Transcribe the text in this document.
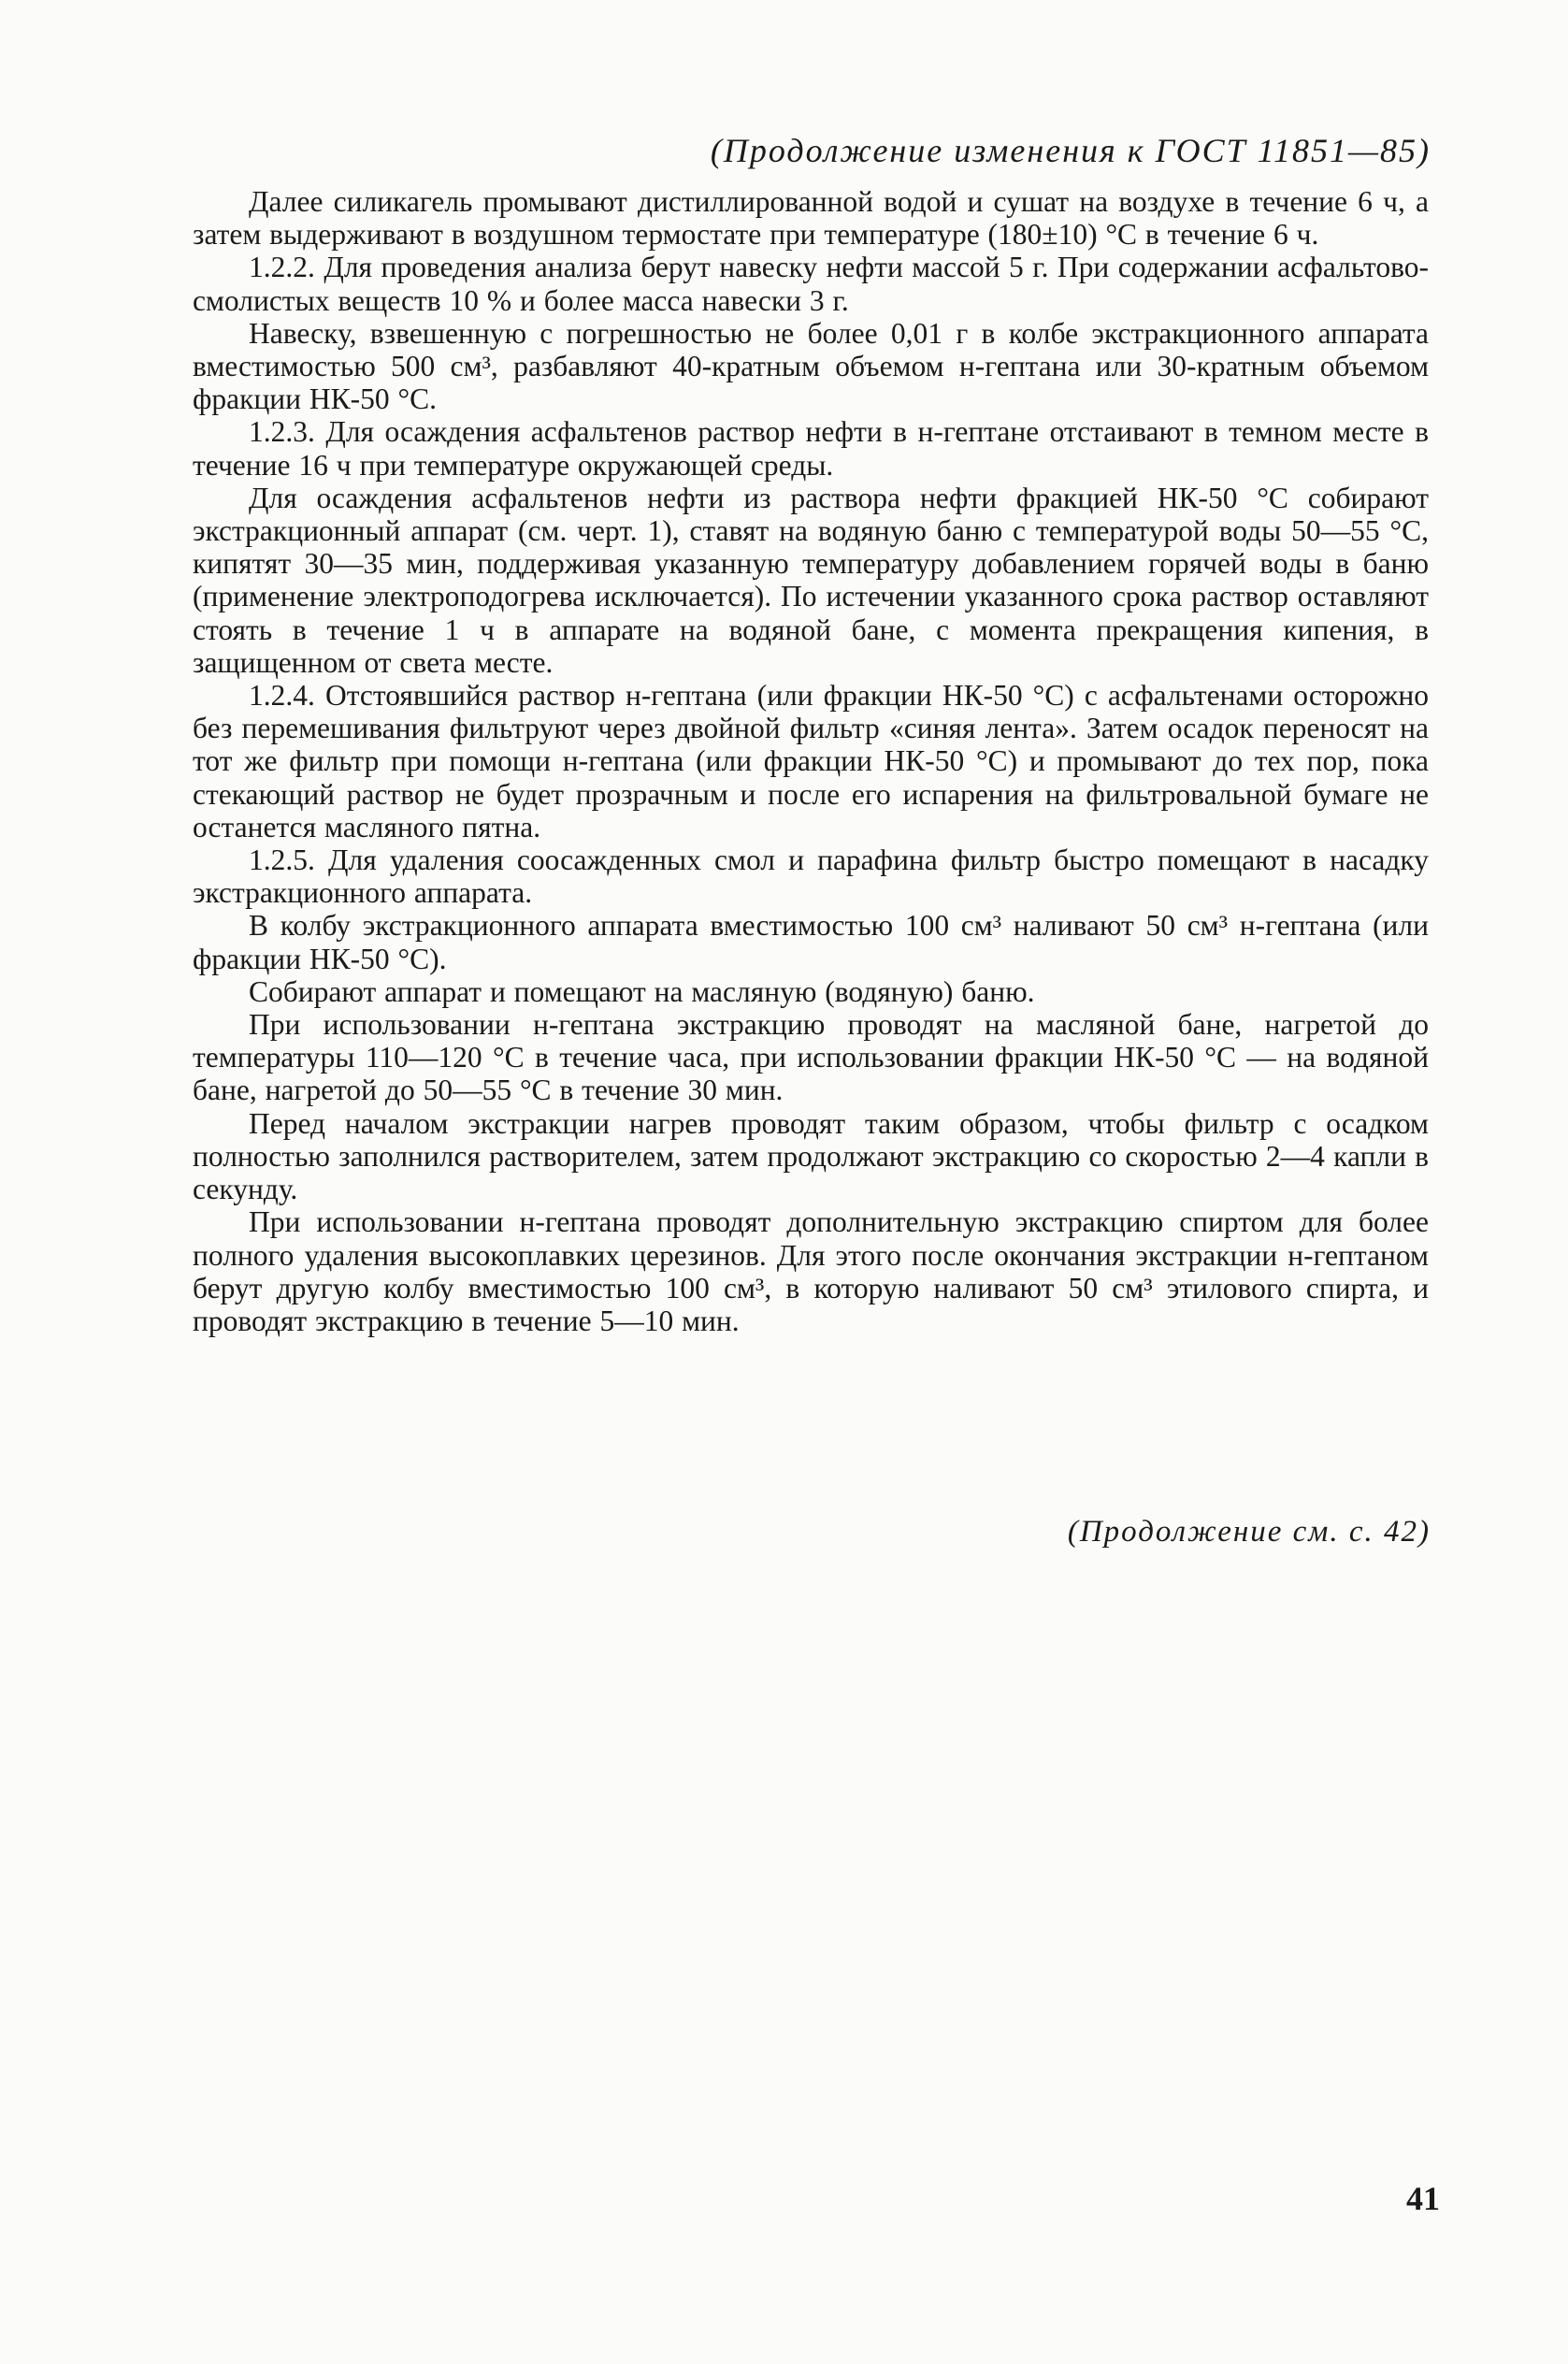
(Продолжение изменения к ГОСТ 11851—85)

Далее силикагель промывают дистиллированной водой и сушат на воздухе в течение 6 ч, а затем выдерживают в воздушном термостате при температуре (180±10) °С в течение 6 ч.

1.2.2. Для проведения анализа берут навеску нефти массой 5 г. При содержании асфальтово-смолистых веществ 10 % и более масса навески 3 г.

Навеску, взвешенную с погрешностью не более 0,01 г в колбе экстракционного аппарата вместимостью 500 см³, разбавляют 40-кратным объемом н-гептана или 30-кратным объемом фракции НК-50 °С.

1.2.3. Для осаждения асфальтенов раствор нефти в н-гептане отстаивают в темном месте в течение 16 ч при температуре окружающей среды.

Для осаждения асфальтенов нефти из раствора нефти фракцией НК-50 °С собирают экстракционный аппарат (см. черт. 1), ставят на водяную баню с температурой воды 50—55 °С, кипятят 30—35 мин, поддерживая указанную температуру добавлением горячей воды в баню (применение электроподогрева исключается). По истечении указанного срока раствор оставляют стоять в течение 1 ч в аппарате на водяной бане, с момента прекращения кипения, в защищенном от света месте.

1.2.4. Отстоявшийся раствор н-гептана (или фракции НК-50 °С) с асфальтенами осторожно без перемешивания фильтруют через двойной фильтр «синяя лента». Затем осадок переносят на тот же фильтр при помощи н-гептана (или фракции НК-50 °С) и промывают до тех пор, пока стекающий раствор не будет прозрачным и после его испарения на фильтровальной бумаге не останется масляного пятна.

1.2.5. Для удаления соосажденных смол и парафина фильтр быстро помещают в насадку экстракционного аппарата.

В колбу экстракционного аппарата вместимостью 100 см³ наливают 50 см³ н-гептана (или фракции НК-50 °С).

Собирают аппарат и помещают на масляную (водяную) баню.

При использовании н-гептана экстракцию проводят на масляной бане, нагретой до температуры 110—120 °С в течение часа, при использовании фракции НК-50 °С — на водяной бане, нагретой до 50—55 °С в течение 30 мин.

Перед началом экстракции нагрев проводят таким образом, чтобы фильтр с осадком полностью заполнился растворителем, затем продолжают экстракцию со скоростью 2—4 капли в секунду.

При использовании н-гептана проводят дополнительную экстракцию спиртом для более полного удаления высокоплавких церезинов. Для этого после окончания экстракции н-гептаном берут другую колбу вместимостью 100 см³, в которую наливают 50 см³ этилового спирта, и проводят экстракцию в течение 5—10 мин.

(Продолжение см. с. 42)
41
